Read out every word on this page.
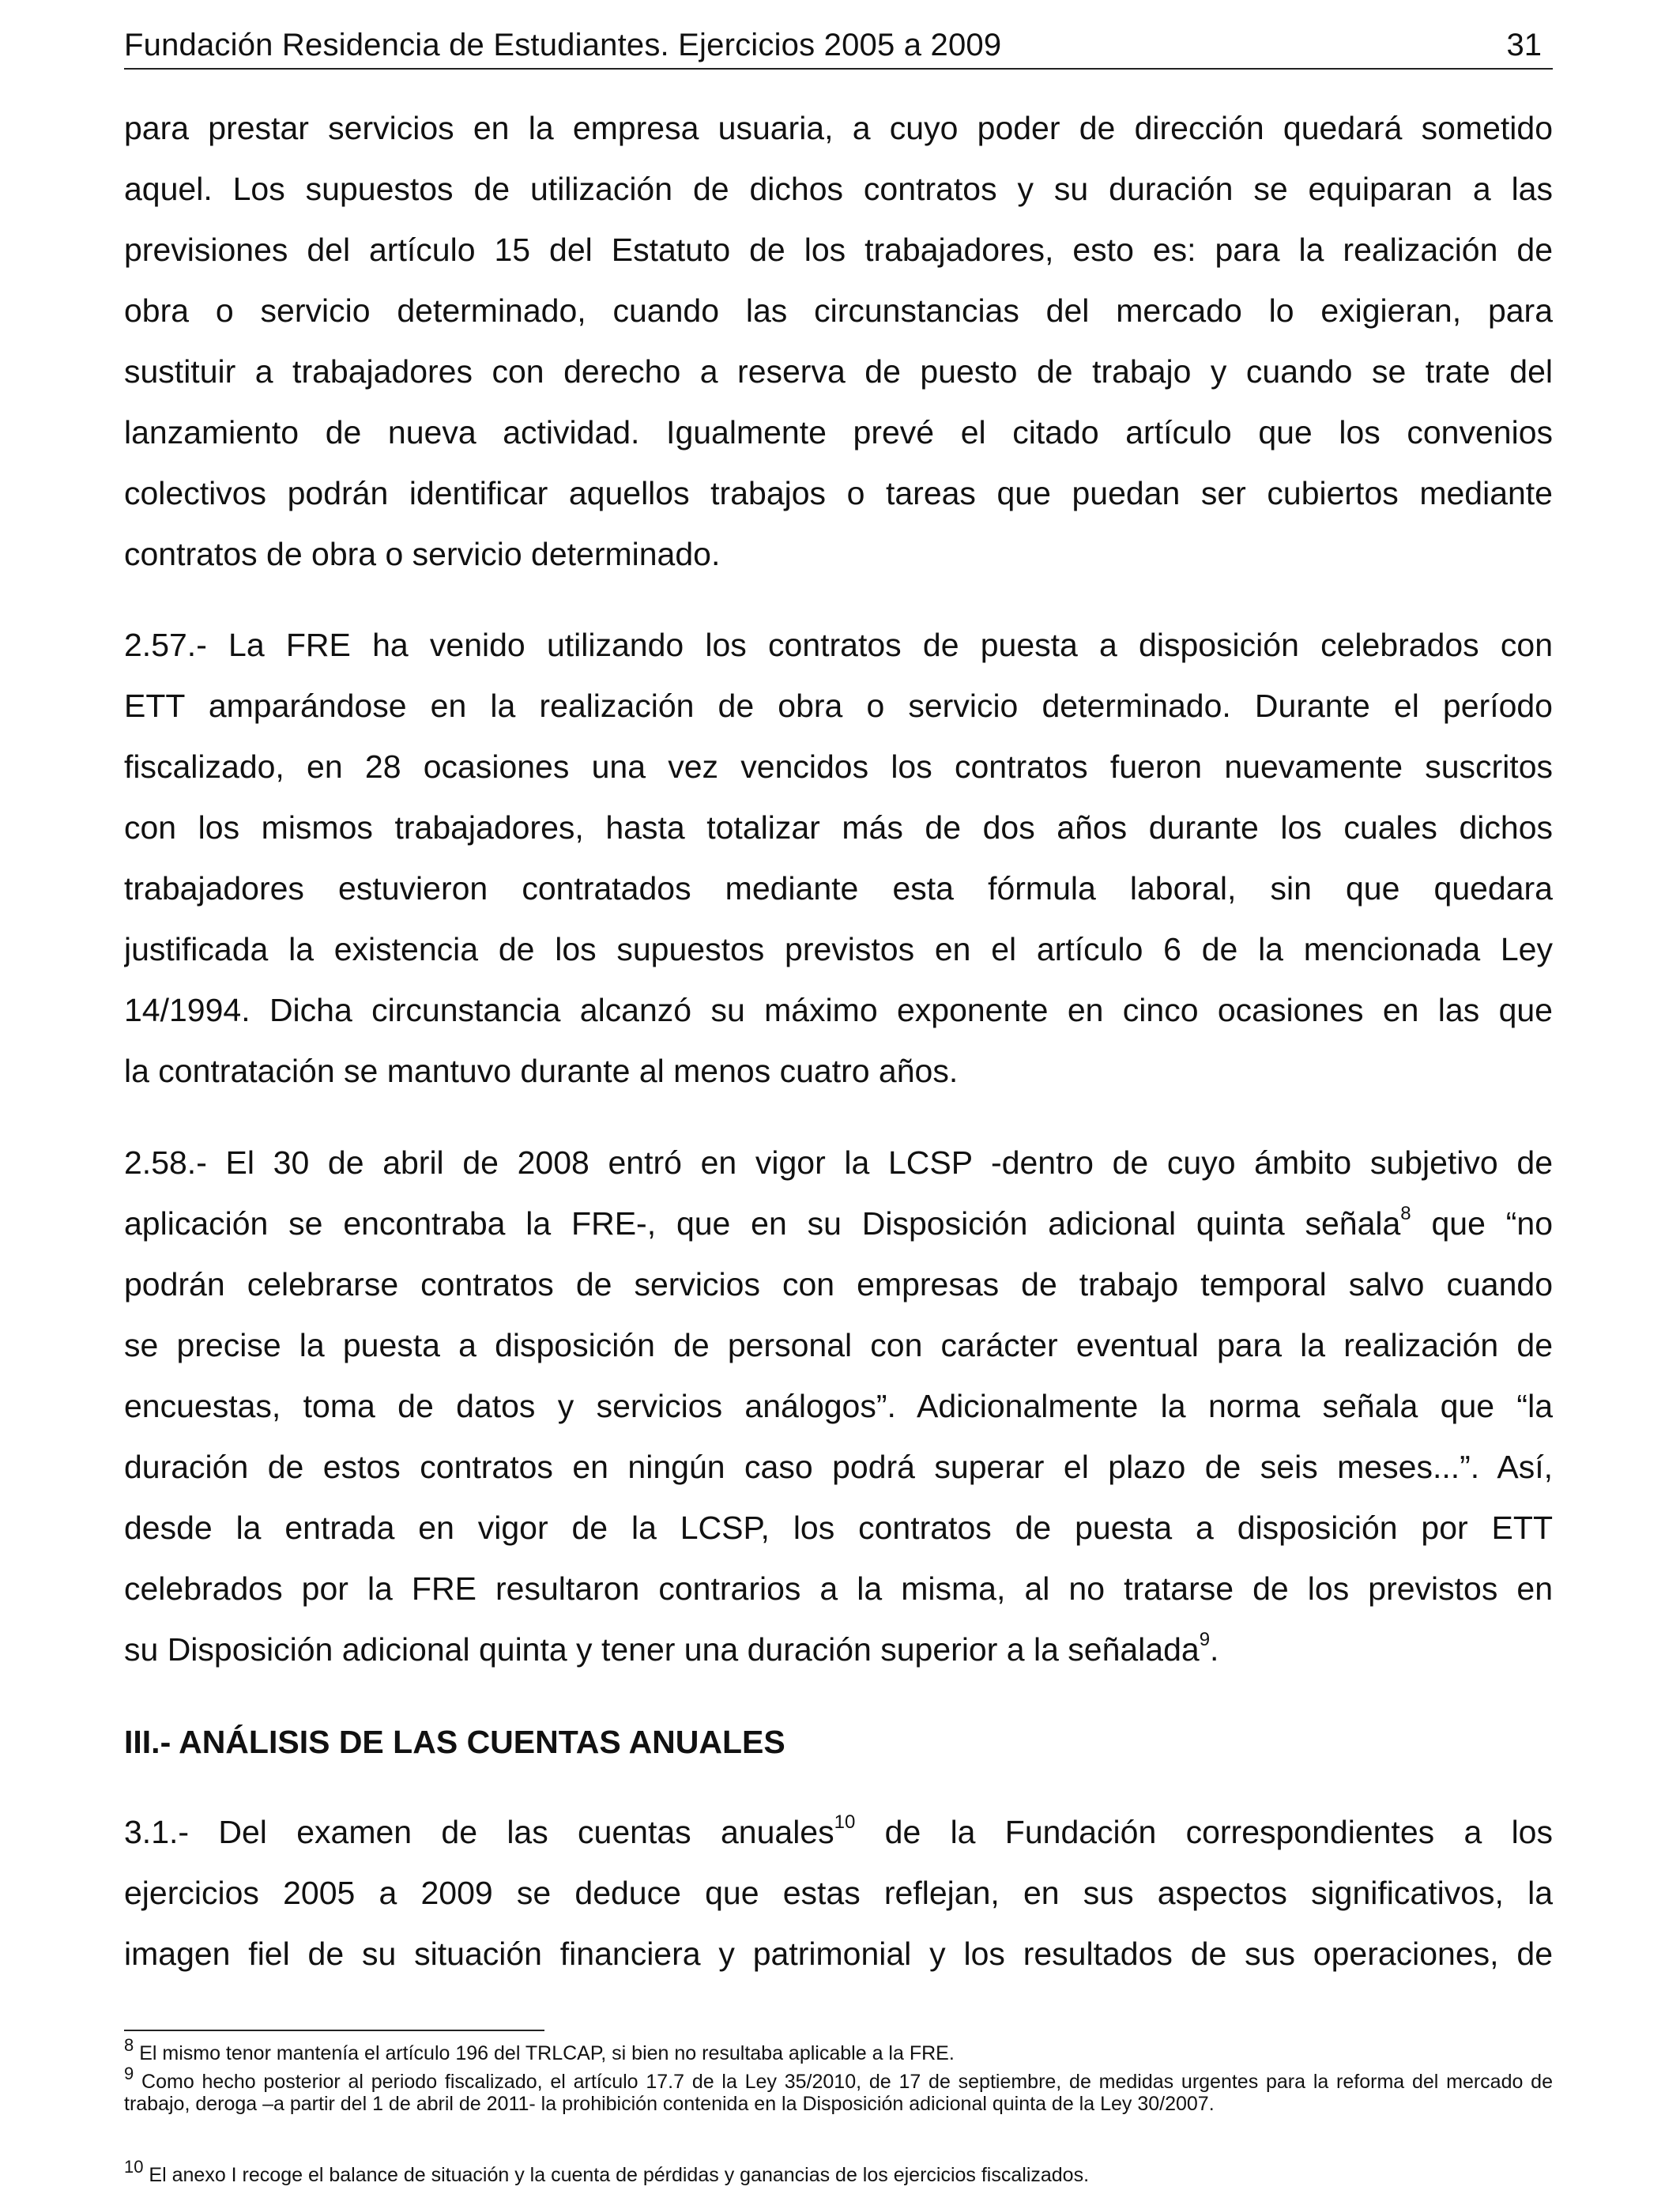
Fundación Residencia de Estudiantes. Ejercicios 2005 a 2009	31
para prestar servicios en la empresa usuaria, a cuyo poder de dirección quedará sometido
aquel. Los supuestos de utilización de dichos contratos y su duración se equiparan a las
previsiones del artículo 15 del Estatuto de los trabajadores, esto es: para la realización de
obra o servicio determinado, cuando las circunstancias del mercado lo exigieran, para
sustituir a trabajadores con derecho a reserva de puesto de trabajo y cuando se trate del
lanzamiento de nueva actividad. Igualmente prevé el citado artículo que los convenios
colectivos podrán identificar aquellos trabajos o tareas que puedan ser cubiertos mediante
contratos de obra o servicio determinado.
2.57.- La FRE ha venido utilizando los contratos de puesta a disposición celebrados con
ETT amparándose en la realización de obra o servicio determinado. Durante el período
fiscalizado, en 28 ocasiones una vez vencidos los contratos fueron nuevamente suscritos
con los mismos trabajadores, hasta totalizar más de dos años durante los cuales dichos
trabajadores estuvieron contratados mediante esta fórmula laboral, sin que quedara
justificada la existencia de los supuestos previstos en el artículo 6 de la mencionada Ley
14/1994. Dicha circunstancia alcanzó su máximo exponente en cinco ocasiones en las que
la contratación se mantuvo durante al menos cuatro años.
2.58.- El 30 de abril de 2008 entró en vigor la LCSP -dentro de cuyo ámbito subjetivo de
aplicación se encontraba la FRE-, que en su Disposición adicional quinta señala$^8$ que “no
podrán celebrarse contratos de servicios con empresas de trabajo temporal salvo cuando
se precise la puesta a disposición de personal con carácter eventual para la realización de
encuestas, toma de datos y servicios análogos”. Adicionalmente la norma señala que “la
duración de estos contratos en ningún caso podrá superar el plazo de seis meses...”. Así,
desde la entrada en vigor de la LCSP, los contratos de puesta a disposición por ETT
celebrados por la FRE resultaron contrarios a la misma, al no tratarse de los previstos en
su Disposición adicional quinta y tener una duración superior a la señalada$^9$.
III.- ANÁLISIS DE LAS CUENTAS ANUALES
3.1.- Del examen de las cuentas anuales$^{10}$ de la Fundación correspondientes a los
ejercicios 2005 a 2009 se deduce que estas reflejan, en sus aspectos significativos, la
imagen fiel de su situación financiera y patrimonial y los resultados de sus operaciones, de
$^8$ El mismo tenor mantenía el artículo 196 del TRLCAP, si bien no resultaba aplicable a la FRE.
$^9$ Como hecho posterior al periodo fiscalizado, el artículo 17.7 de la Ley 35/2010, de 17 de septiembre, de medidas urgentes para la reforma del mercado de trabajo, deroga –a partir del 1 de abril de 2011- la prohibición contenida en la Disposición adicional quinta de la Ley 30/2007.
$^{10}$ El anexo I recoge el balance de situación y la cuenta de pérdidas y ganancias de los ejercicios fiscalizados.
